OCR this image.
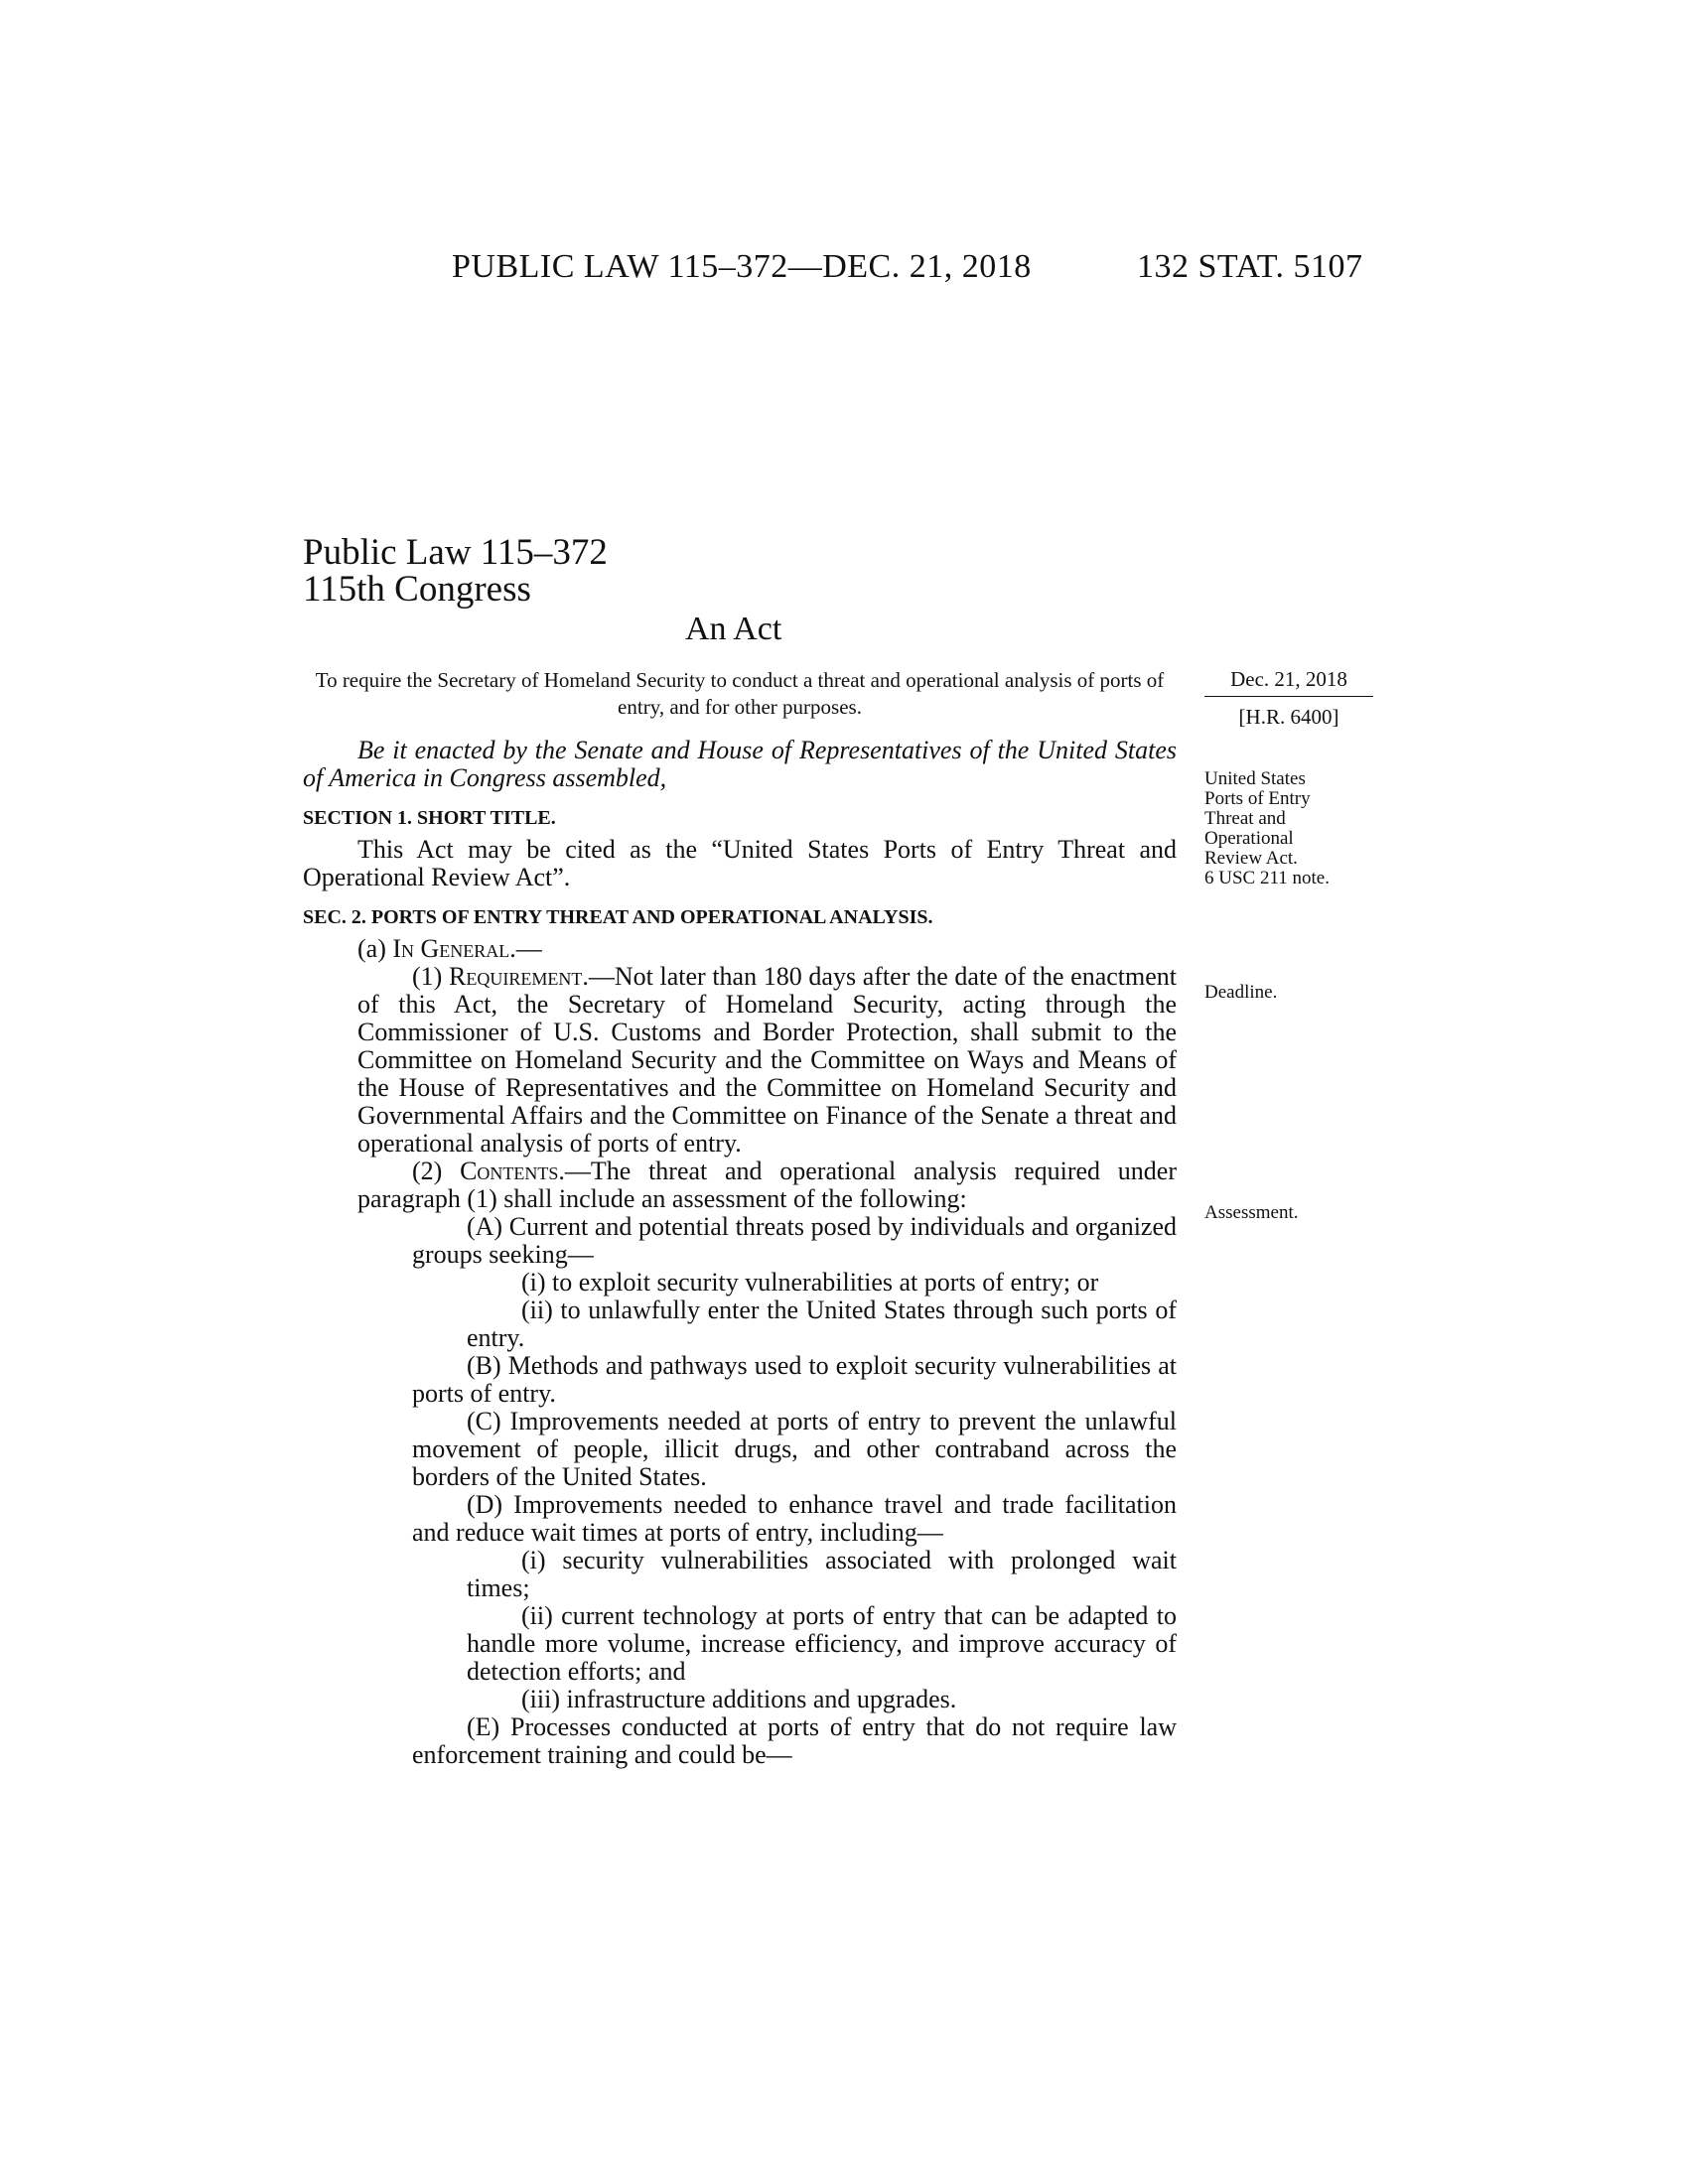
PUBLIC LAW 115–372—DEC. 21, 2018	132 STAT. 5107
Public Law 115–372
115th Congress
An Act
To require the Secretary of Homeland Security to conduct a threat and operational analysis of ports of entry, and for other purposes.
Dec. 21, 2018
[H.R. 6400]
United States Ports of Entry Threat and Operational Review Act.
6 USC 211 note.
Deadline.
Assessment.

Be it enacted by the Senate and House of Representatives of the United States of America in Congress assembled,

SECTION 1. SHORT TITLE.

This Act may be cited as the “United States Ports of Entry Threat and Operational Review Act”.

SEC. 2. PORTS OF ENTRY THREAT AND OPERATIONAL ANALYSIS.

(a) In General.—

(1) Requirement.—Not later than 180 days after the date of the enactment of this Act, the Secretary of Homeland Security, acting through the Commissioner of U.S. Customs and Border Protection, shall submit to the Committee on Homeland Security and the Committee on Ways and Means of the House of Representatives and the Committee on Homeland Security and Governmental Affairs and the Committee on Finance of the Senate a threat and operational analysis of ports of entry.

(2) Contents.—The threat and operational analysis required under paragraph (1) shall include an assessment of the following:

(A) Current and potential threats posed by individuals and organized groups seeking—

(i) to exploit security vulnerabilities at ports of entry; or

(ii) to unlawfully enter the United States through such ports of entry.

(B) Methods and pathways used to exploit security vulnerabilities at ports of entry.

(C) Improvements needed at ports of entry to prevent the unlawful movement of people, illicit drugs, and other contraband across the borders of the United States.

(D) Improvements needed to enhance travel and trade facilitation and reduce wait times at ports of entry, including—

(i) security vulnerabilities associated with prolonged wait times;

(ii) current technology at ports of entry that can be adapted to handle more volume, increase efficiency, and improve accuracy of detection efforts; and

(iii) infrastructure additions and upgrades.

(E) Processes conducted at ports of entry that do not require law enforcement training and could be—
